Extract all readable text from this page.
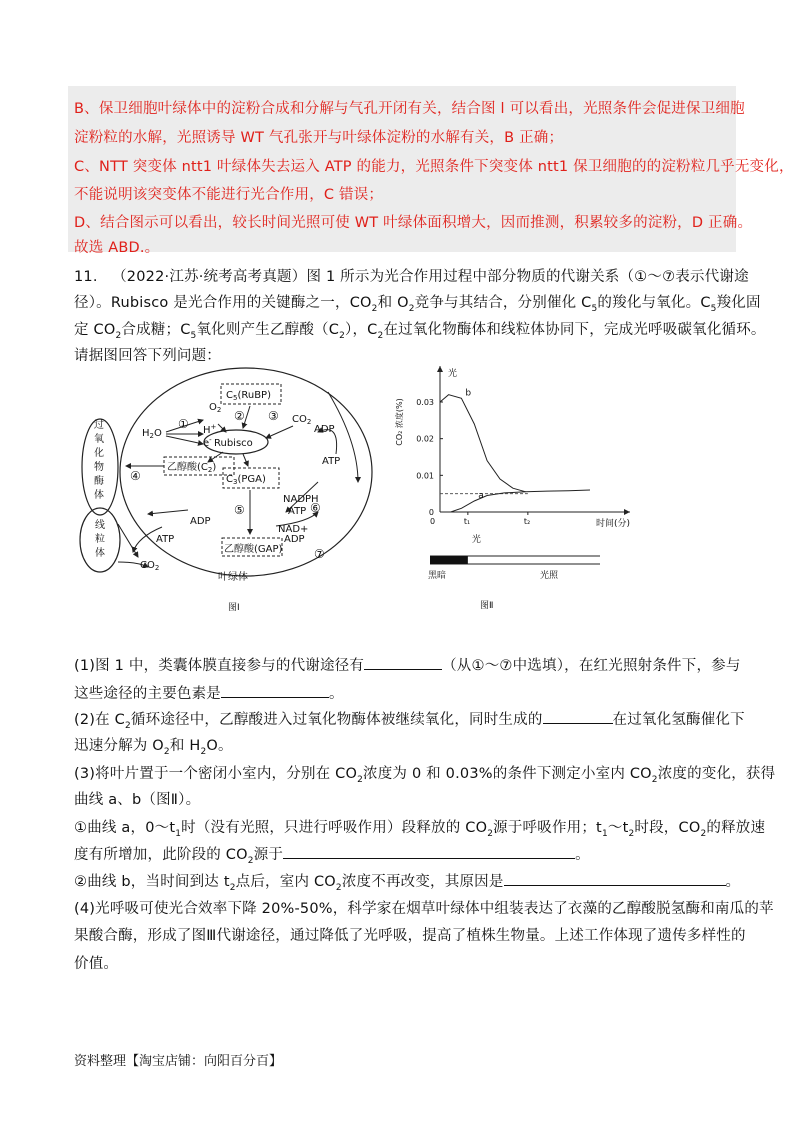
B、保卫细胞叶绿体中的淀粉合成和分解与气孔开闭有关，结合图 l 可以看出，光照条件会促进保卫细胞
淀粉粒的水解，光照诱导 WT 气孔张开与叶绿体淀粉的水解有关，B 正确；
C、NTT 突变体 ntt1 叶绿体失去运入 ATP 的能力，光照条件下突变体 ntt1 保卫细胞的的淀粉粒几乎无变化，
不能说明该突变体不能进行光合作用，C 错误；
D、结合图示可以看出，较长时间光照可使 WT 叶绿体面积增大，因而推测，积累较多的淀粉，D 正确。
故选 ABD.。
11. （2022·江苏·统考高考真题）图 1 所示为光合作用过程中部分物质的代谢关系（①～⑦表示代谢途
径）。Rubisco 是光合作用的关键酶之一，$CO_2$和 $O_2$竞争与其结合，分别催化 $C_5$的羧化与氧化。$C_5$羧化固
定 $CO_2$合成糖；$C_5$氧化则产生乙醇酸$(C_2)$，$C_2$在过氧化物酶体和线粒体协同下，完成光呼吸碳氧化循环。
请据图回答下列问题：
$C_5(RuBP)$
$O_2$
$H_2O$	H+
e- Rubisco
$CO_2$
乙醇酸$(C_2)$
$C_3(PGA)$
ADP
ATP
NADPH
ATP
NAD+
ADP
ADP
ATP
$CO_2$
乙醇酸(GAP)
叶绿体
图Ⅰ
过
氧
化
物
酶
体
线
粒
体
①
② ③
④
⑤	⑥
⑦
0
0.01
0.02
0.03
CO₂ 浓度(%)
0	t₁	t₂	时间(分)
a
b
光
光
黑暗	光照
图Ⅱ
(1)图 1 中，类囊体膜直接参与的代谢途径有	（从①～⑦中选填），在红光照射条件下，参与
这些途径的主要色素是	。
(2)在 $C_2$循环途径中，乙醇酸进入过氧化物酶体被继续氧化，同时生成的	在过氧化氢酶催化下
迅速分解为 $O_2$和 $H_2O$。
(3)将叶片置于一个密闭小室内，分别在 $CO_2$浓度为 0 和 0.03%的条件下测定小室内 $CO_2$浓度的变化，获得
曲线 a、b（图Ⅱ）。
①曲线 a，$0\sim t_1$时（没有光照，只进行呼吸作用）段释放的 $CO_2$源于呼吸作用；$t_1\sim t_2$时段，$CO_2$的释放速
度有所增加，此阶段的 $CO_2$源于	。
②曲线 b，当时间到达 $t_2$点后，室内 $CO_2$浓度不再改变，其原因是	。
(4)光呼吸可使光合效率下降 20%-50%，科学家在烟草叶绿体中组装表达了衣藻的乙醇酸脱氢酶和南瓜的苹
果酸合酶，形成了图Ⅲ代谢途径，通过降低了光呼吸，提高了植株生物量。上述工作体现了遗传多样性的
价值。
资料整理【淘宝店铺：向阳百分百】
